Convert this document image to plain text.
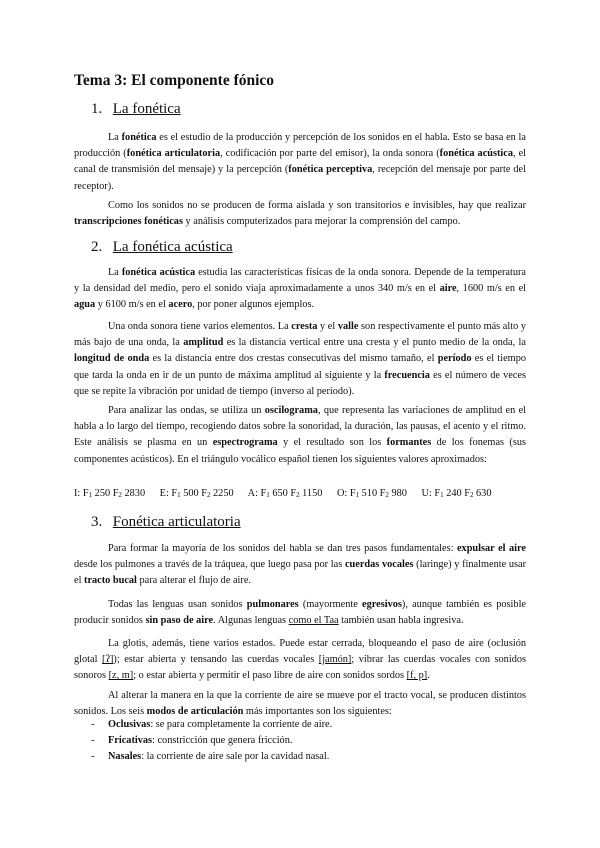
Tema 3: El componente fónico
1. La fonética
La fonética es el estudio de la producción y percepción de los sonidos en el habla. Esto se basa en la producción (fonética articulatoria, codificación por parte del emisor), la onda sonora (fonética acústica, el canal de transmisión del mensaje) y la percepción (fonética perceptiva, recepción del mensaje por parte del receptor).
Como los sonidos no se producen de forma aislada y son transitorios e invisibles, hay que realizar transcripciones fonéticas y análisis computerizados para mejorar la comprensión del campo.
2. La fonética acústica
La fonética acústica estudia las características físicas de la onda sonora. Depende de la temperatura y la densidad del medio, pero el sonido viaja aproximadamente a unos 340 m/s en el aire, 1600 m/s en el agua y 6100 m/s en el acero, por poner algunos ejemplos.
Una onda sonora tiene varios elementos. La cresta y el valle son respectivamente el punto más alto y más bajo de una onda, la amplitud es la distancia vertical entre una cresta y el punto medio de la onda, la longitud de onda es la distancia entre dos crestas consecutivas del mismo tamaño, el período es el tiempo que tarda la onda en ir de un punto de máxima amplitud al siguiente y la frecuencia es el número de veces que se repite la vibración por unidad de tiempo (inverso al período).
Para analizar las ondas, se utiliza un oscilograma, que representa las variaciones de amplitud en el habla a lo largo del tiempo, recogiendo datos sobre la sonoridad, la duración, las pausas, el acento y el ritmo. Este análisis se plasma en un espectrograma y el resultado son los formantes de los fonemas (sus componentes acústicos). En el triángulo vocálico español tienen los siguientes valores aproximados:
I: $F_1$ 250 $F_2$ 2830 E: $F_1$ 500 $F_2$ 2250 A: $F_1$ 650 $F_2$ 1150 O: $F_1$ 510 $F_2$ 980 U: $F_1$ 240 $F_2$ 630
3. Fonética articulatoria
Para formar la mayoría de los sonidos del habla se dan tres pasos fundamentales: expulsar el aire desde los pulmones a través de la tráquea, que luego pasa por las cuerdas vocales (laringe) y finalmente usar el tracto bucal para alterar el flujo de aire.
Todas las lenguas usan sonidos pulmonares (mayormente egresivos), aunque también es posible producir sonidos sin paso de aire. Algunas lenguas como el Taa también usan habla ingresiva.
La glotis, además, tiene varios estados. Puede estar cerrada, bloqueando el paso de aire (oclusión glotal [ʔ]); estar abierta y tensando las cuerdas vocales [jamón]; vibrar las cuerdas vocales con sonidos sonoros [z, m]; o estar abierta y permitir el paso libre de aire con sonidos sordos [f, p].
Al alterar la manera en la que la corriente de aire se mueve por el tracto vocal, se producen distintos sonidos. Los seis modos de articulación más importantes son los siguientes:
-	Oclusivas: se para completamente la corriente de aire.
-	Fricativas: constricción que genera fricción.
-	Nasales: la corriente de aire sale por la cavidad nasal.
